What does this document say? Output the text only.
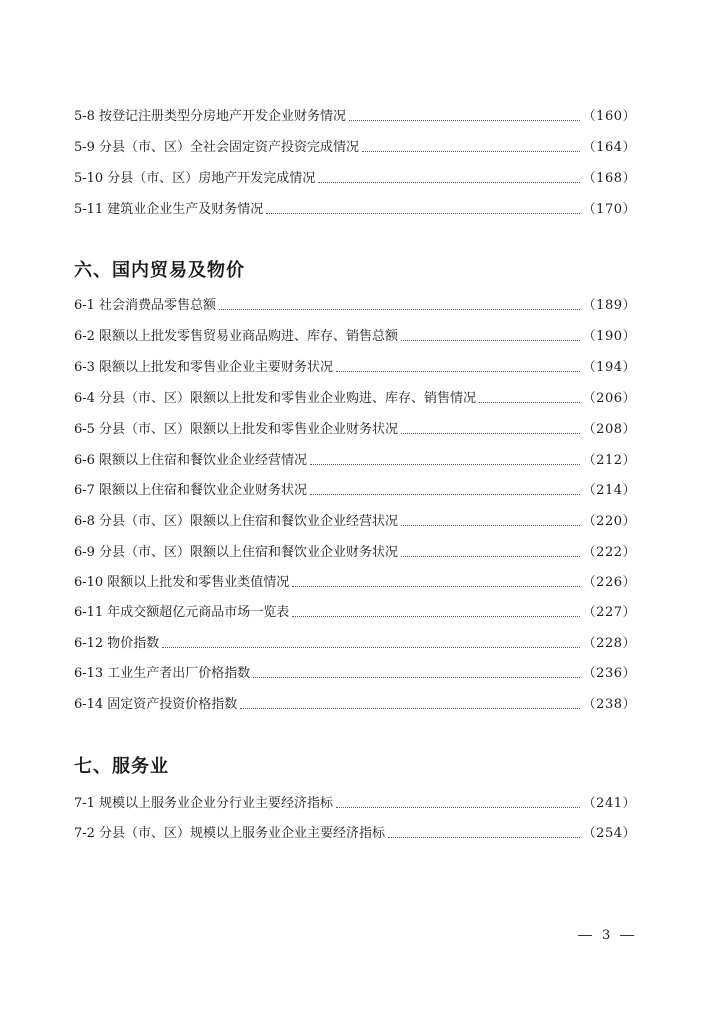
5-8 按登记注册类型分房地产开发企业财务情况	（160）
5-9 分县（市、区）全社会固定资产投资完成情况	（164）
5-10 分县（市、区）房地产开发完成情况	（168）
5-11 建筑业企业生产及财务情况	（170）
六、国内贸易及物价
6-1 社会消费品零售总额	（189）
6-2 限额以上批发零售贸易业商品购进、库存、销售总额	（190）
6-3 限额以上批发和零售业企业主要财务状况	（194）
6-4 分县（市、区）限额以上批发和零售业企业购进、库存、销售情况	（206）
6-5 分县（市、区）限额以上批发和零售业企业财务状况	（208）
6-6 限额以上住宿和餐饮业企业经营情况	（212）
6-7 限额以上住宿和餐饮业企业财务状况	（214）
6-8 分县（市、区）限额以上住宿和餐饮业企业经营状况	（220）
6-9 分县（市、区）限额以上住宿和餐饮业企业财务状况	（222）
6-10 限额以上批发和零售业类值情况	（226）
6-11 年成交额超亿元商品市场一览表	（227）
6-12 物价指数	（228）
6-13 工业生产者出厂价格指数	（236）
6-14 固定资产投资价格指数	（238）
七、服务业
7-1 规模以上服务业企业分行业主要经济指标	（241）
7-2 分县（市、区）规模以上服务业企业主要经济指标	（254）
3
